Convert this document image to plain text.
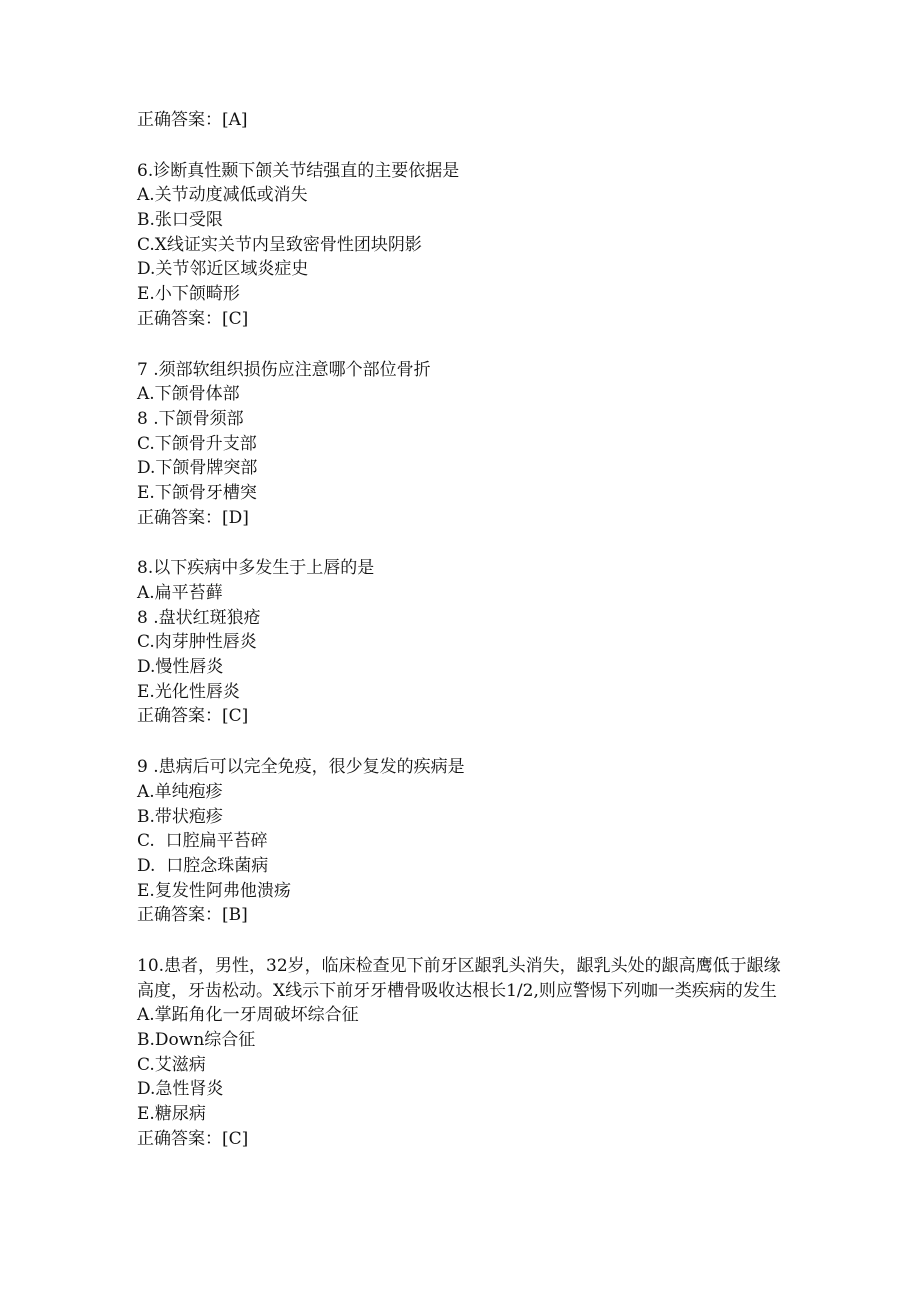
正确答案：[A]
6.诊断真性颞下颌关节结强直的主要依据是
A.关节动度减低或消失
B.张口受限
C.X线证实关节内呈致密骨性团块阴影
D.关节邻近区域炎症史
E.小下颌畸形
正确答案：[C]
7 .须部软组织损伤应注意哪个部位骨折
A.下颌骨体部
8 .下颌骨须部
C.下颌骨升支部
D.下颌骨牌突部
E.下颌骨牙槽突
正确答案：[D]
8.以下疾病中多发生于上唇的是
A.扁平苔藓
8 .盘状红斑狼疮
C.肉芽肿性唇炎
D.慢性唇炎
E.光化性唇炎
正确答案：[C]
9 .患病后可以完全免疫，很少复发的疾病是
A.单纯疱疹
B.带状疱疹
C.  口腔扁平苔碎
D.  口腔念珠菌病
E.复发性阿弗他溃疡
正确答案：[B]
10.患者，男性，32岁，临床检查见下前牙区龈乳头消失，龈乳头处的龈高鹰低于龈缘高度，牙齿松动。X线示下前牙牙槽骨吸收达根长1/2,则应警惕下列咖一类疾病的发生
A.掌跖角化一牙周破坏综合征
B.Down综合征
C.艾滋病
D.急性肾炎
E.糖尿病
正确答案：[C]
